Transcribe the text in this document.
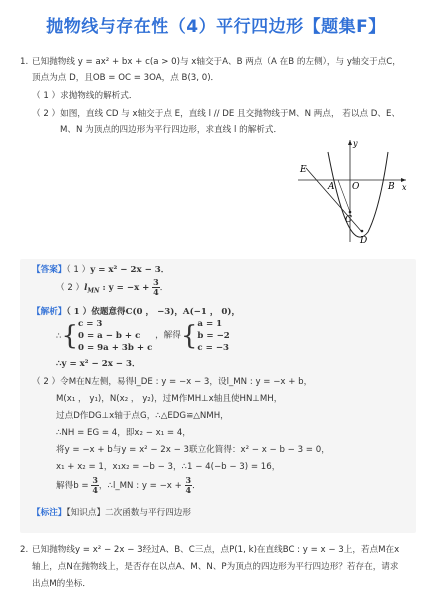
抛物线与存在性（4）平行四边形【题集F】
1. 已知抛物线 y = ax² + bx + c(a > 0)与 x轴交于A、B 两点（A 在B 的左侧），与 y轴交于点C，
顶点为点 D，且OB = OC = 3OA，点 B(3, 0)．
（ 1 ）求抛物线的解析式．
（ 2 ）如图，直线 CD 与 x轴交于点 E，直线 l // DE 且交抛物线于M、N 两点， 若以点 D、E、
M、N 为顶点的四边形为平行四边形，求直线 l 的解析式．
E
A O	B x
y
C
D
【答案】（ 1 ）y = x² − 2x − 3．
（ 2 ）$l_{MN}$ : $y = -x + \frac{3}{4}$ ．
【解析】（ 1 ）依题意得C(0 ， −3)，A(−1 ， 0)，
∴{ c = 3
0 = a − b + c
0 = 9a + 3b + c
，解得{ a = 1
b = −2
c = −3
∴y = x² − 2x − 3．
（ 2 ）令M在N左侧，易得l_DE : y = −x − 3，设l_MN : y = −x + b，
M(x₁ ， y₁)，N(x₂ ， y₂)，过M作MH⊥x轴且使HN⊥MH，
过点D作DG⊥x轴于点G，∴△EDG≌△NMH，
∴NH = EG = 4，即x₂ − x₁ = 4，
将y = −x + b与y = x² − 2x − 3联立化简得：x² − x − b − 3 = 0，
x₁ + x₂ = 1，x₁x₂ = −b − 3，∴1 − 4(−b − 3) = 16，
解得$b = \frac{3}{4}$ ，∴l_MN : $y = -x + \frac{3}{4}$ ．
【标注】【知识点】二次函数与平行四边形
2. 已知抛物线y = x² − 2x − 3经过A、B、C三点，点P(1, k)在直线BC : y = x − 3上，若点M在x
轴上，点N在抛物线上，是否存在以点A、M、N、P为顶点的四边形为平行四边形？若存在，请求
出点M的坐标．
